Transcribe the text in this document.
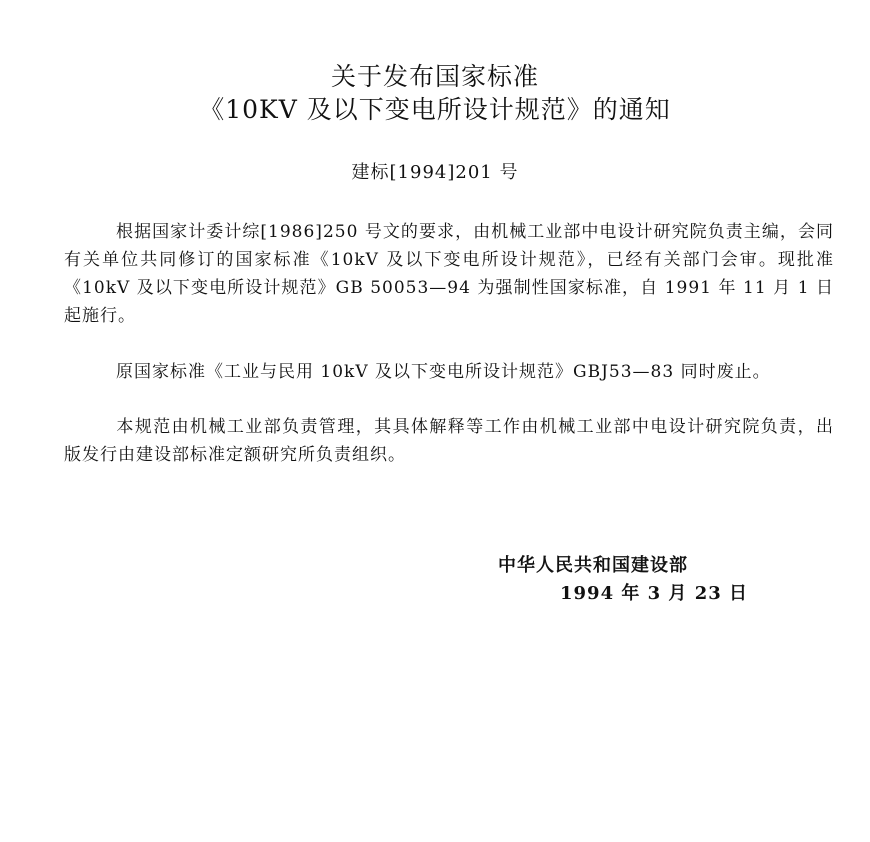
关于发布国家标准
《10KV 及以下变电所设计规范》的通知
建标[1994]201 号
根据国家计委计综[1986]250 号文的要求，由机械工业部中电设计研究院负责主编，会同有关单位共同修订的国家标准《10kV 及以下变电所设计规范》，已经有关部门会审。现批准《10kV 及以下变电所设计规范》GB 50053—94 为强制性国家标准，自 1991 年 11 月 1 日起施行。
原国家标准《工业与民用 10kV 及以下变电所设计规范》GBJ53—83 同时废止。
本规范由机械工业部负责管理，其具体解释等工作由机械工业部中电设计研究院负责，出版发行由建设部标准定额研究所负责组织。
中华人民共和国建设部
1994 年 3 月 23 日
